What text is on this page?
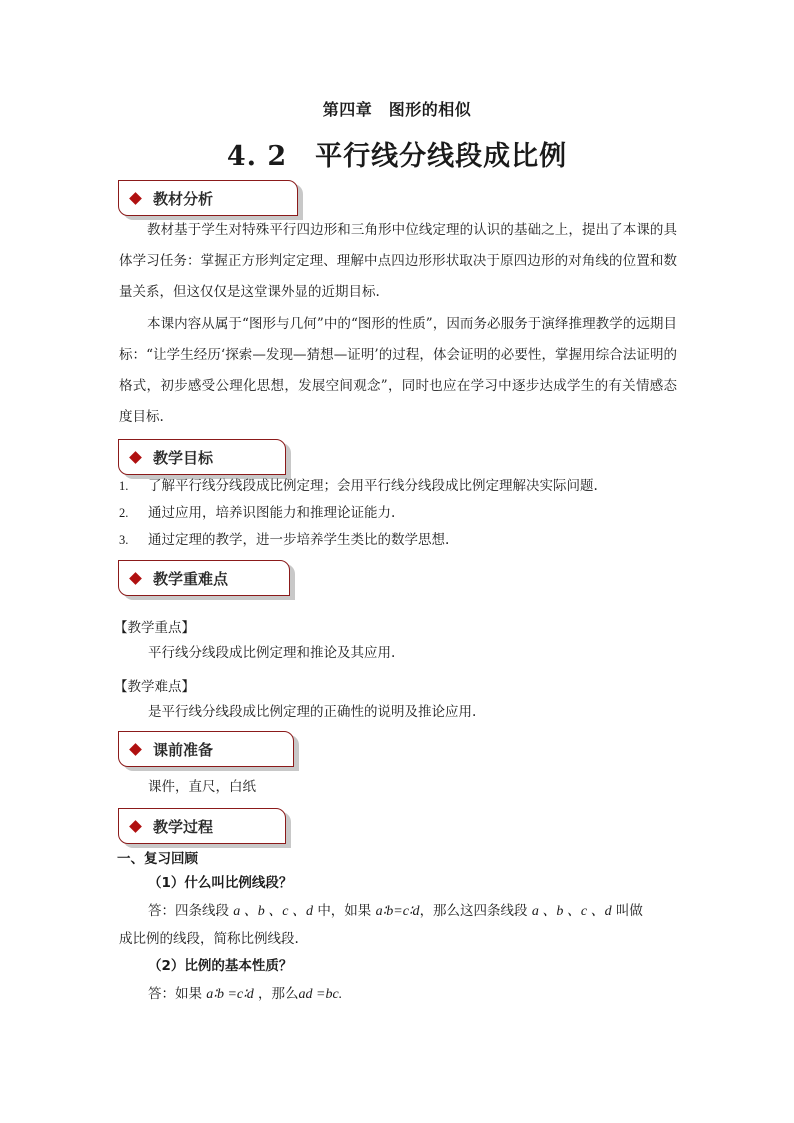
第四章　图形的相似
4. 2　平行线分线段成比例
教材分析
教材基于学生对特殊平行四边形和三角形中位线定理的认识的基础之上，提出了本课的具体学习任务：掌握正方形判定定理、理解中点四边形形状取决于原四边形的对角线的位置和数量关系，但这仅仅是这堂课外显的近期目标.
本课内容从属于“图形与几何”中的“图形的性质”，因而务必服务于演绎推理教学的远期目标：“让学生经历‘探索—发现—猜想—证明’的过程，体会证明的必要性，掌握用综合法证明的格式，初步感受公理化思想，发展空间观念”，同时也应在学习中逐步达成学生的有关情感态度目标.
教学目标
1. 了解平行线分线段成比例定理；会用平行线分线段成比例定理解决实际问题.
2. 通过应用，培养识图能力和推理论证能力.
3. 通过定理的教学，进一步培养学生类比的数学思想.
教学重难点
【教学重点】
平行线分线段成比例定理和推论及其应用.
【教学难点】
是平行线分线段成比例定理的正确性的说明及推论应用.
课前准备
课件，直尺，白纸
教学过程
一、复习回顾
（1）什么叫比例线段？
答：四条线段 a 、b 、c 、d 中，如果 a∶b=c∶d，那么这四条线段 a 、b 、c 、d 叫做
成比例的线段，简称比例线段.
（2）比例的基本性质？
答：如果 a∶b =c∶d ，那么ad =bc.
